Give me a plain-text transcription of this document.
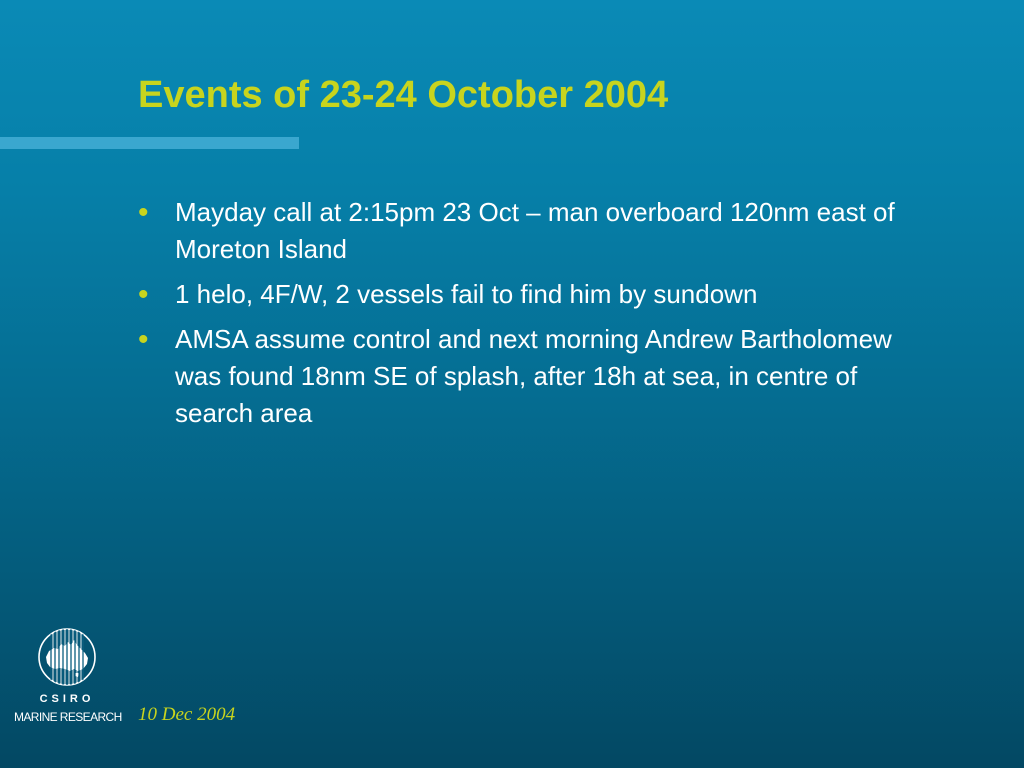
Events of 23-24 October 2004
• Mayday call at 2:15pm 23 Oct – man overboard 120nm east of Moreton Island
• 1 helo, 4F/W, 2 vessels fail to find him by sundown
• AMSA assume control and next morning Andrew Bartholomew was found 18nm SE of splash, after 18h at sea, in centre of search area
CSIRO
MARINE RESEARCH 10 Dec 2004
